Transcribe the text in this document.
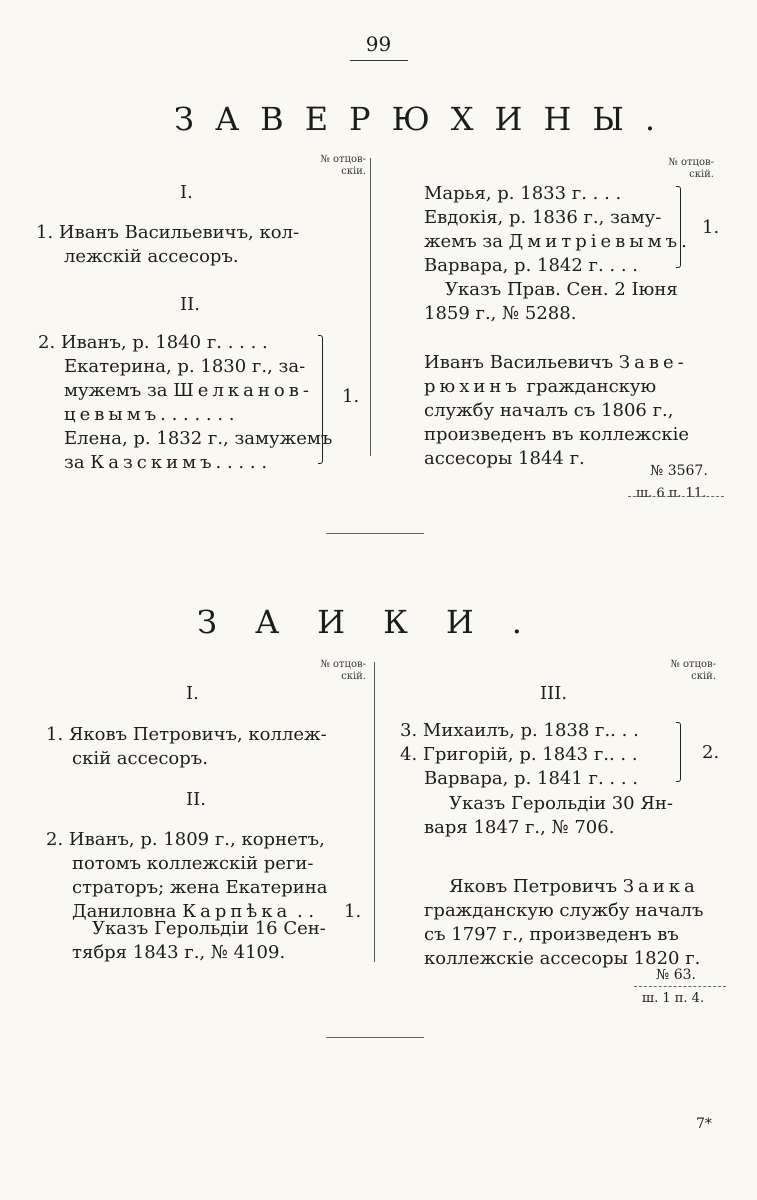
99
ЗАВЕРЮХИНЫ.
№ отцов-
скіи.
I.
1. Иванъ Васильевичъ, кол-
лежскій ассесоръ.
II.
2. Иванъ, р. 1840 г. . . . .
Екатерина, р. 1830 г., за-
мужемъ за Шелканов-
цевымъ. . . . . . .
Елена, р. 1832 г., замужемъ
за Казскимъ. . . . .
1.
№ отцов-
скій.
Марья, р. 1833 г. . . .
Евдокія, р. 1836 г., заму-
жемъ за Дмитріевымъ.
Варвара, р. 1842 г. . . .
1.
Указъ Прав. Сен. 2 Іюня
1859 г., № 5288.
Иванъ Васильевичъ Заве-
рюхинъ гражданскую
службу началъ съ 1806 г.,
произведенъ въ коллежскіе
ассесоры 1844 г.
№ 3567.
ш. 6 п. 11.
ЗАИКИ.
№ отцов-
скій.
I.
1. Яковъ Петровичъ, коллеж-
скій ассесоръ.
II.
2. Иванъ, р. 1809 г., корнетъ,
потомъ коллежскій реги-
страторъ; жена Екатерина
Даниловна Карпѣка . . 1.
Указъ Герольдіи 16 Сен-
тября 1843 г., № 4109.
№ отцов-
скій.
III.
3. Михаилъ, р. 1838 г.. . .
4. Григорій, р. 1843 г.. . .
Варвара, р. 1841 г. . . .
2.
Указъ Герольдіи 30 Ян-
варя 1847 г., № 706.
Яковъ Петровичъ Заика
гражданскую службу началъ
съ 1797 г., произведенъ въ
коллежскіе ассесоры 1820 г.
№ 63.
ш. 1 п. 4.
7*
